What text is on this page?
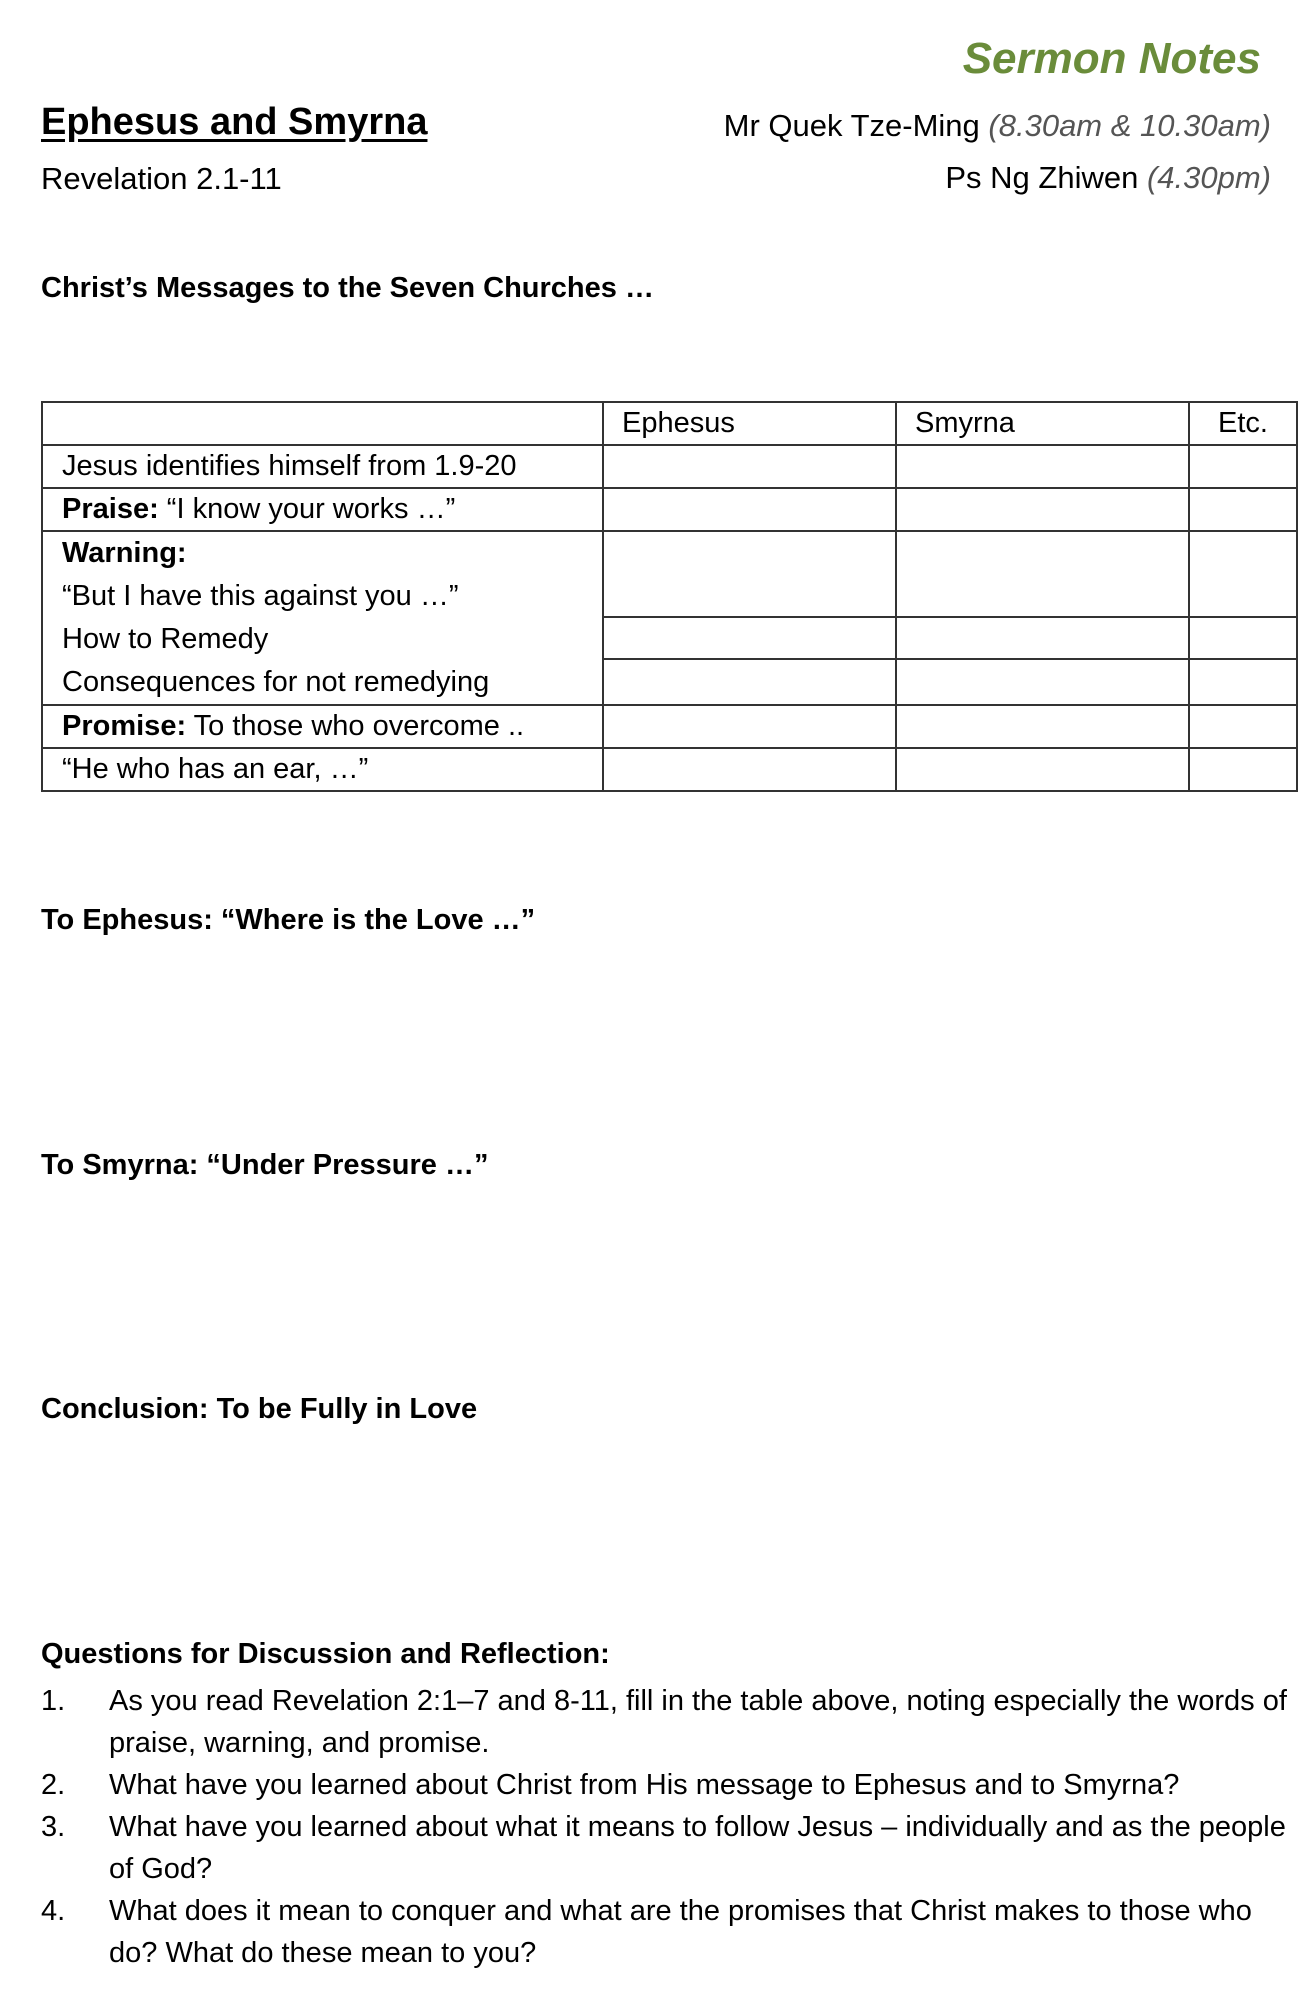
Sermon Notes
Ephesus and Smyrna
Revelation 2.1-11
Mr Quek Tze-Ming (8.30am & 10.30am)
Ps Ng Zhiwen (4.30pm)
Christ’s Messages to the Seven Churches …
	Ephesus	Smyrna	Etc.
Jesus identifies himself from 1.9-20			
Praise: “I know your works …”			

Warning:
“But I have this against you …”
How to Remedy
Consequences for not remedying			

Promise: To those who overcome ..			
“He who has an ear, …”			
To Ephesus: “Where is the Love …”
To Smyrna: “Under Pressure …”
Conclusion: To be Fully in Love
Questions for Discussion and Reflection:
1.	As you read Revelation 2:1–7 and 8-11, fill in the table above, noting especially the words of praise, warning, and promise.
2.	What have you learned about Christ from His message to Ephesus and to Smyrna?
3.	What have you learned about what it means to follow Jesus – individually and as the people of God?
4.	What does it mean to conquer and what are the promises that Christ makes to those who do? What do these mean to you?
